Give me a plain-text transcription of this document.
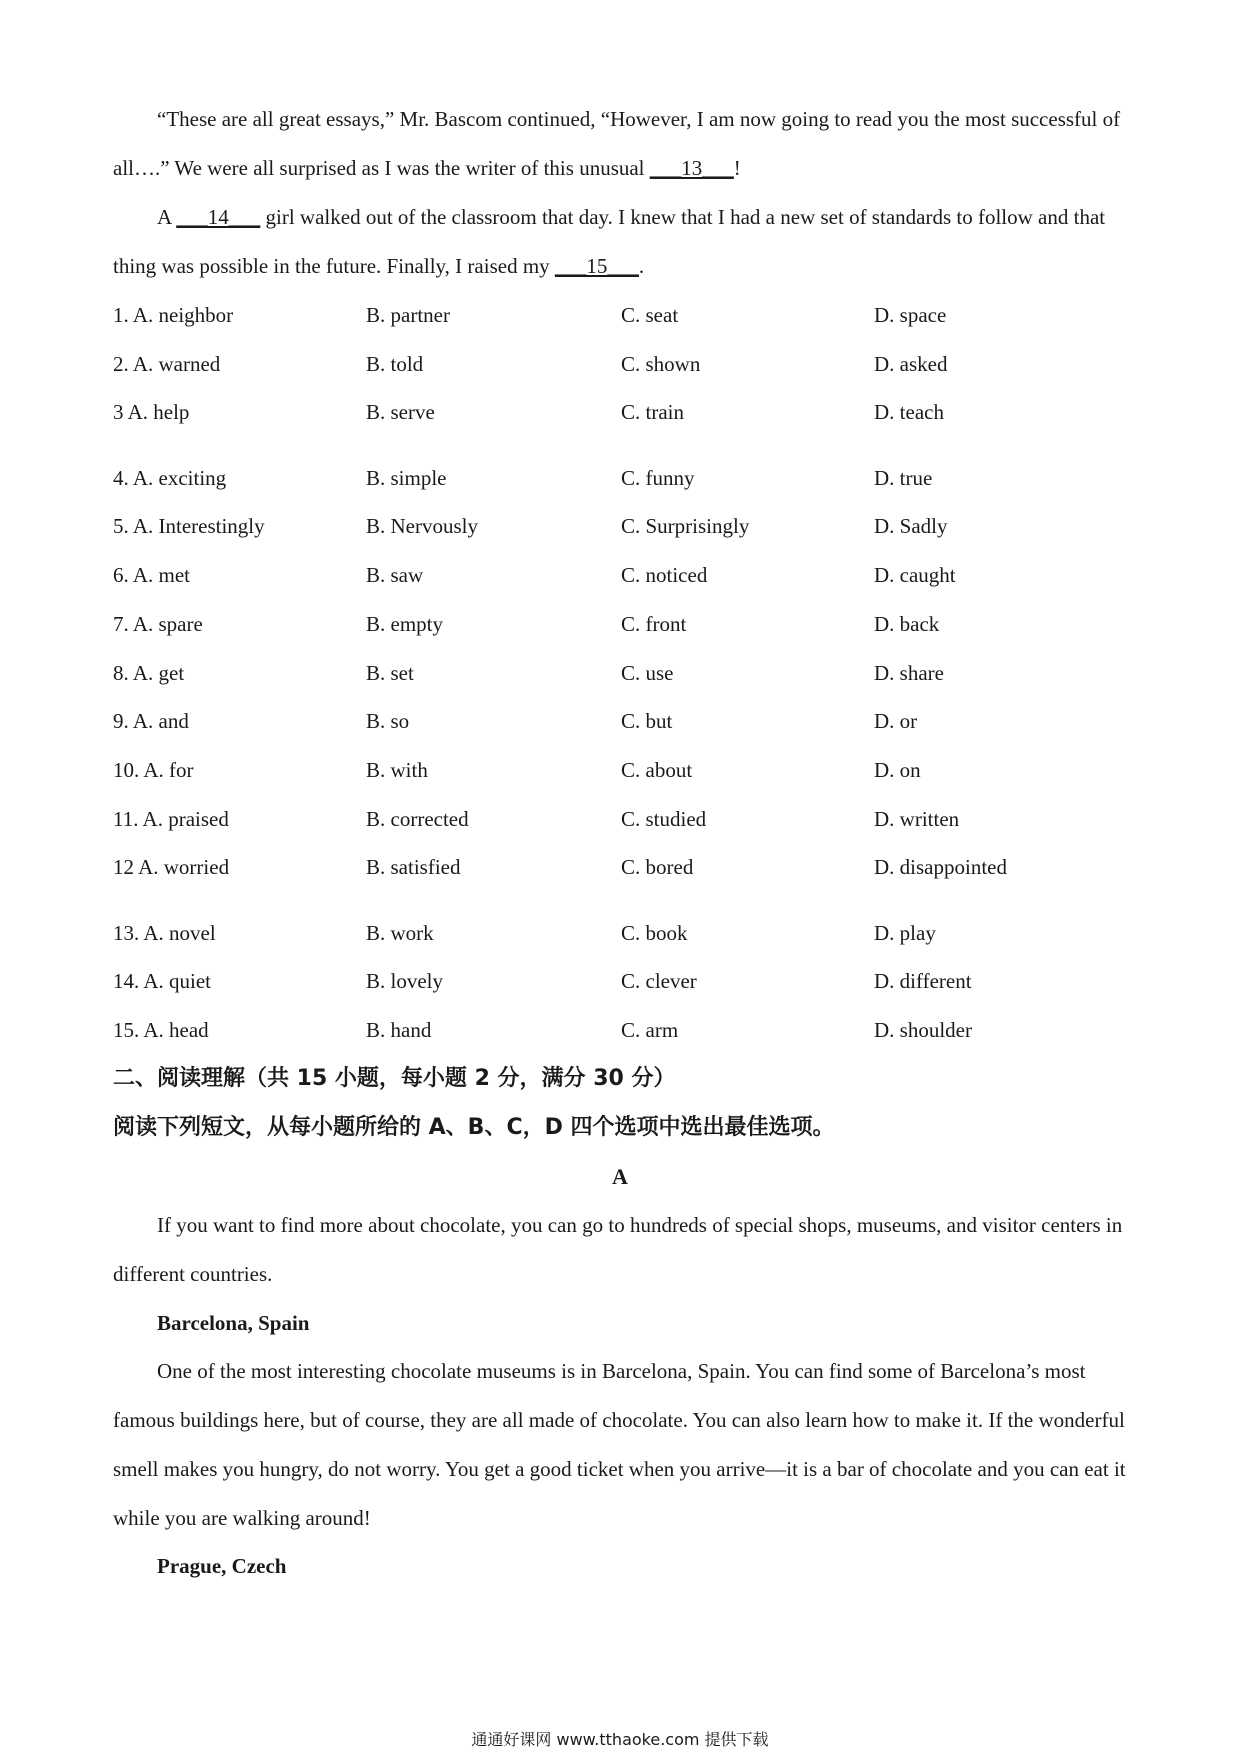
“These are all great essays,” Mr. Bascom continued, “However, I am now going to read you the most successful of all….” We were all surprised as I was the writer of this unusual ___13___!

A ___14___ girl walked out of the classroom that day. I knew that I had a new set of standards to follow and that thing was possible in the future. Finally, I raised my ___15___.

1. A. neighbor	B. partner	C. seat	D. space
2. A. warned	B. told	C. shown	D. asked
3 A. help	B. serve	C. train	D. teach
4. A. exciting	B. simple	C. funny	D. true
5. A. Interestingly	B. Nervously	C. Surprisingly	D. Sadly
6. A. met	B. saw	C. noticed	D. caught
7. A. spare	B. empty	C. front	D. back
8. A. get	B. set	C. use	D. share
9. A. and	B. so	C. but	D. or
10. A. for	B. with	C. about	D. on
11. A. praised	B. corrected	C. studied	D. written
12 A. worried	B. satisfied	C. bored	D. disappointed
13. A. novel	B. work	C. book	D. play
14. A. quiet	B. lovely	C. clever	D. different
15. A. head	B. hand	C. arm	D. shoulder
二、阅读理解（共 15 小题，每小题 2 分，满分 30 分）
阅读下列短文，从每小题所给的 A、B、C，D 四个选项中选出最佳选项。
A

If you want to find more about chocolate, you can go to hundreds of special shops, museums, and visitor centers in different countries.

Barcelona, Spain

One of the most interesting chocolate museums is in Barcelona, Spain. You can find some of Barcelona’s most famous buildings here, but of course, they are all made of chocolate. You can also learn how to make it. If the wonderful smell makes you hungry, do not worry. You get a good ticket when you arrive—it is a bar of chocolate and you can eat it while you are walking around!

Prague, Czech
通通好课网 www.tthaoke.com 提供下载
